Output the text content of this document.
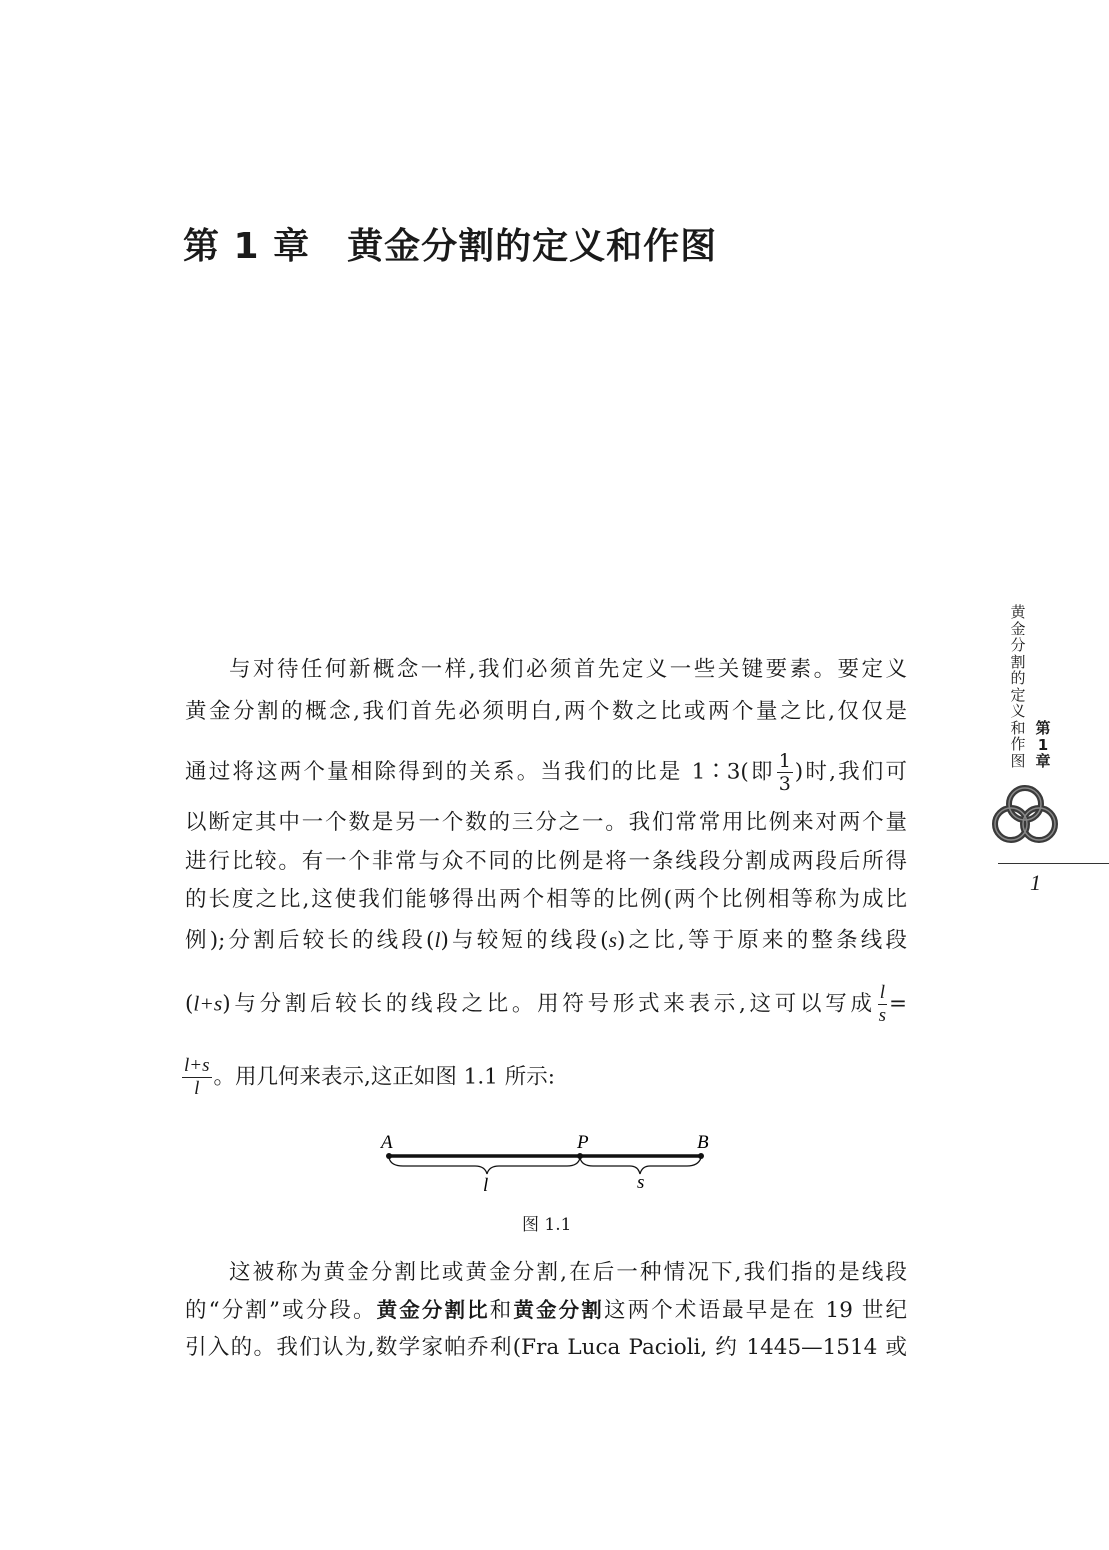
第 1 章　黄金分割的定义和作图
黄金分割的定义和作图
第1章
1
与对待任何新概念一样,我们必须首先定义一些关键要素。要定义
黄金分割的概念,我们首先必须明白,两个数之比或两个量之比,仅仅是
通过将这两个量相除得到的关系。当我们的比是 1∶3(即 $\frac{1}{3}$ )时,我们可
以断定其中一个数是另一个数的三分之一。我们常常用比例来对两个量
进行比较。有一个非常与众不同的比例是将一条线段分割成两段后所得
的长度之比,这使我们能够得出两个相等的比例(两个比例相等称为成比
例);分割后较长的线段(l)与较短的线段(s)之比,等于原来的整条线段
(l+s)与分割后较长的线段之比。用符号形式来表示,这可以写成 $\frac{l}{s}$ =
$\frac{l+s}{l}$ 。用几何来表示,这正如图 1.1 所示:
A	P	B
l	s
图 1.1
这被称为黄金分割比或黄金分割,在后一种情况下,我们指的是线段
的“分割”或分段。黄金分割比和黄金分割这两个术语最早是在 19 世纪
引入的。我们认为,数学家帕乔利(Fra Luca Pacioli, 约 1445—1514 或
